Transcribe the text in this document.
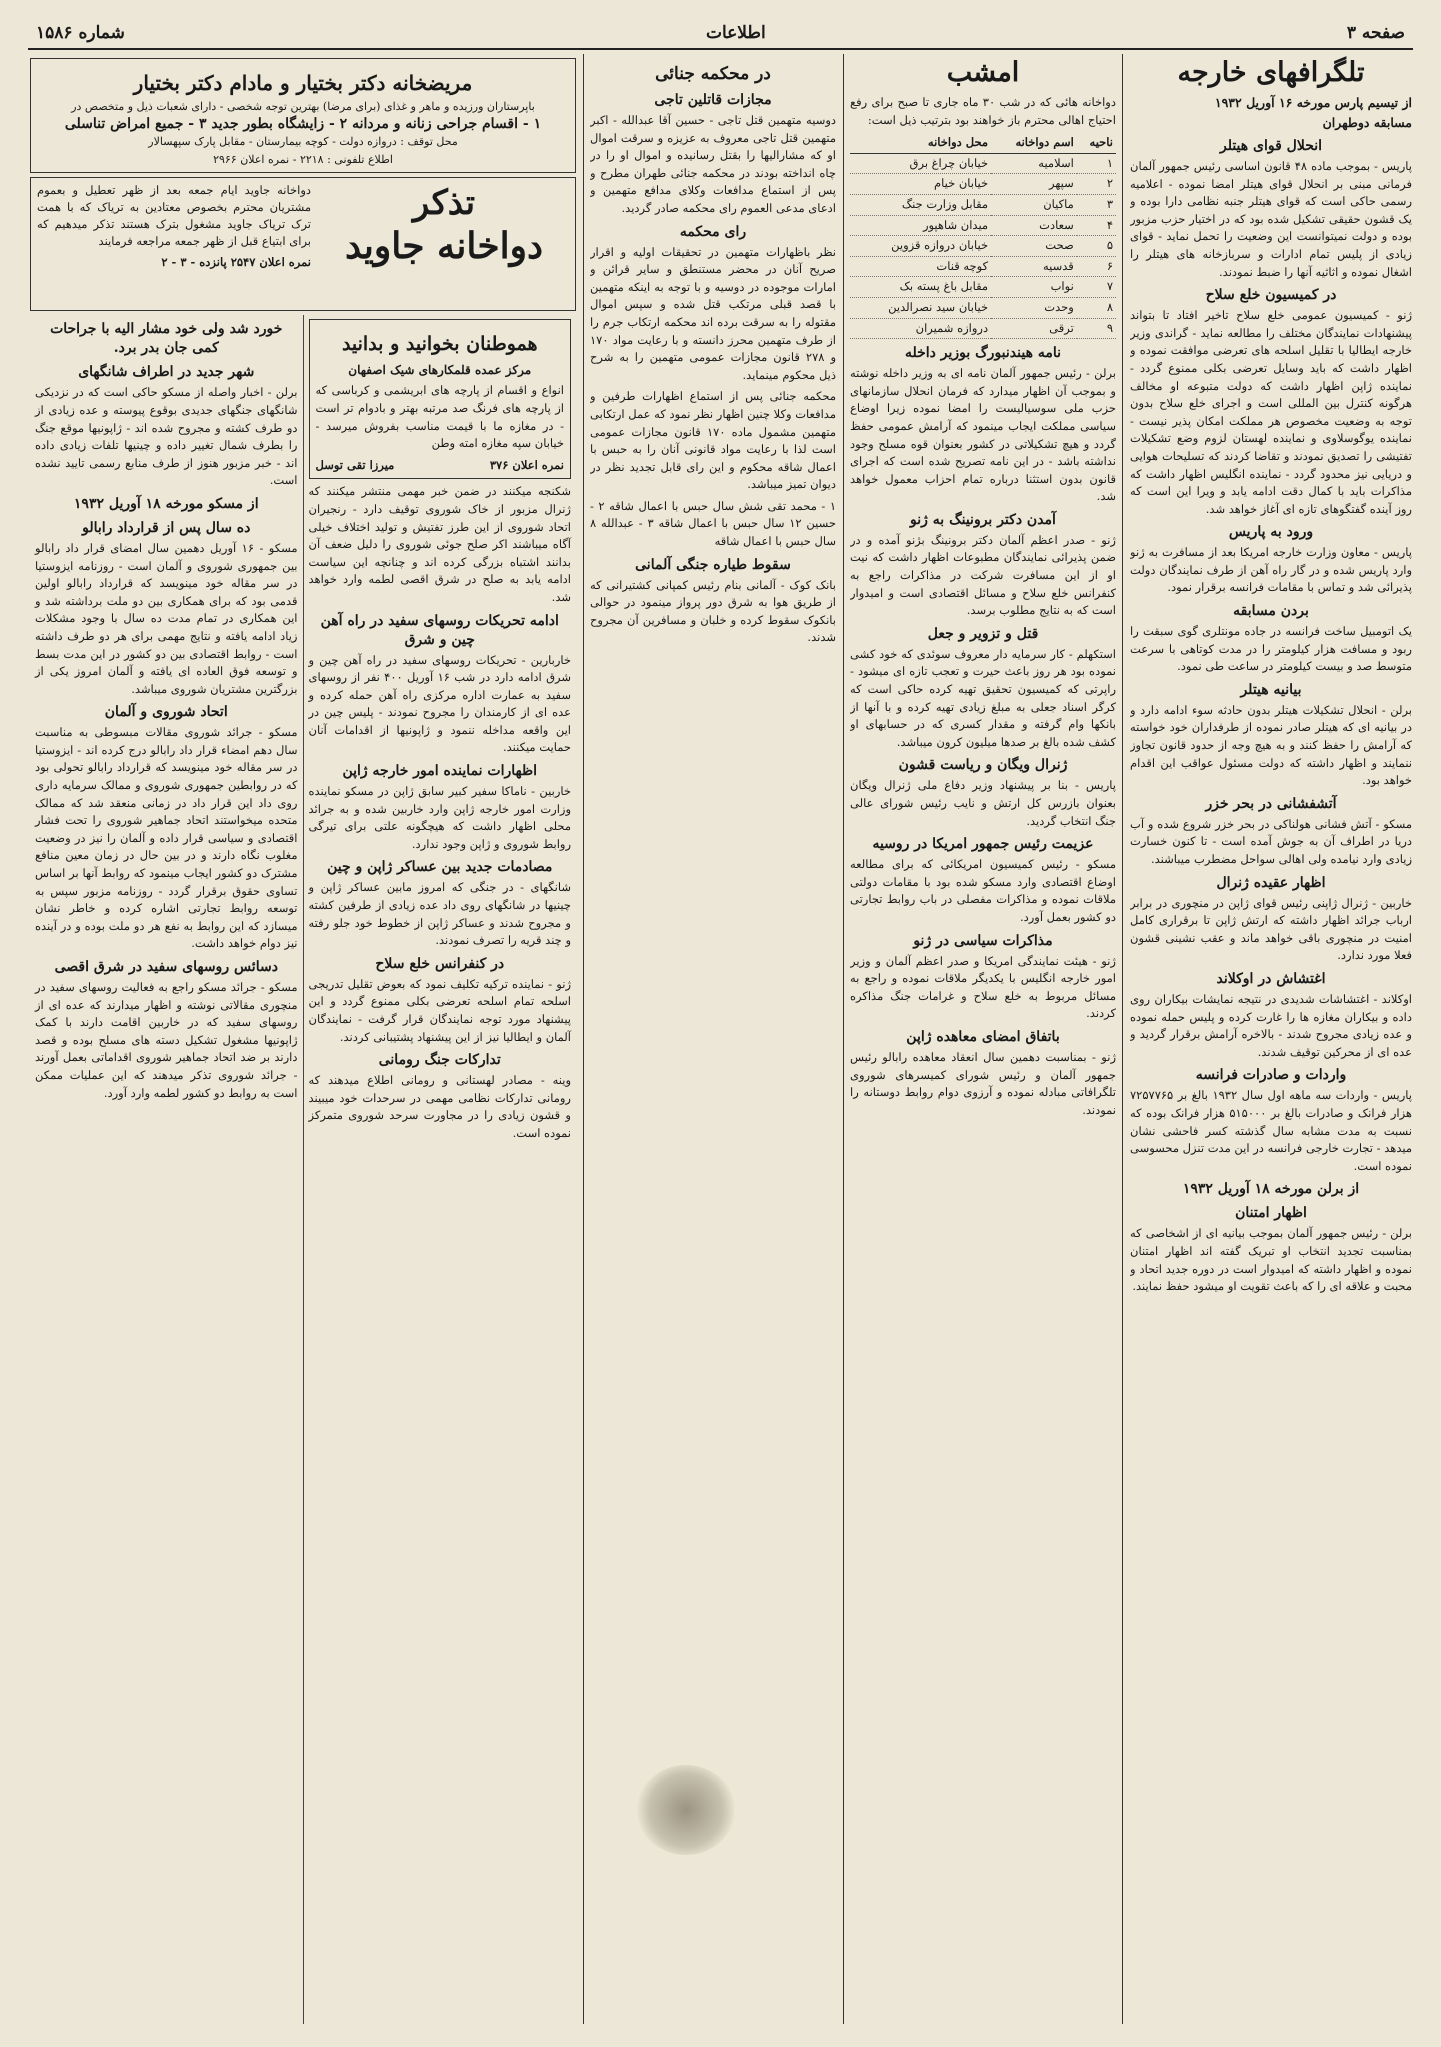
صفحه ۳
اطلاعات
شماره ۱۵۸۶
تلگرافهای خارجه
از تیسیم پارس مورخه ۱۶ آوریل ۱۹۳۲
مسابقه دوطهران
انحلال قوای هیتلر

پاریس - بموجب ماده ۴۸ قانون اساسی رئیس جمهور آلمان فرمانی مبنی بر انحلال قوای هیتلر امضا نموده - اعلامیه رسمی حاکی است که قوای هیتلر جنبه نظامی دارا بوده و یک قشون حقیقی تشکیل شده بود که در اختیار حزب مزبور بوده و دولت نمیتوانست این وضعیت را تحمل نماید - قوای زیادی از پلیس تمام ادارات و سربازخانه های هیتلر را اشغال نموده و اثاثیه آنها را ضبط نمودند.

در کمیسیون خلع سلاح

ژنو - کمیسیون عمومی خلع سلاح تاخیر افتاد تا بتواند پیشنهادات نمایندگان مختلف را مطالعه نماید - گراندی وزیر خارجه ایطالیا با تقلیل اسلحه های تعرضی موافقت نموده و اظهار داشت که باید وسایل تعرضی بکلی ممنوع گردد - نماینده ژاپن اظهار داشت که دولت متبوعه او مخالف هرگونه کنترل بین المللی است و اجرای خلع سلاح بدون توجه به وضعیت مخصوص هر مملکت امکان پذیر نیست - نماینده یوگوسلاوی و نماینده لهستان لزوم وضع تشکیلات تفتیشی را تصدیق نمودند و تقاضا کردند که تسلیحات هوایی و دریایی نیز محدود گردد - نماینده انگلیس اظهار داشت که مذاکرات باید با کمال دقت ادامه یابد و ویرا این است که روز آینده گفتگوهای تازه ای آغاز خواهد شد.

ورود به پاریس

پاریس - معاون وزارت خارجه امریکا بعد از مسافرت به ژنو وارد پاریس شده و در گار راه آهن از طرف نمایندگان دولت پذیرائی شد و تماس با مقامات فرانسه برقرار نمود.

بردن مسابقه

یک اتومبیل ساخت فرانسه در جاده مونتلری گوی سبقت را ربود و مسافت هزار کیلومتر را در مدت کوتاهی با سرعت متوسط صد و بیست کیلومتر در ساعت طی نمود.

بیانیه هیتلر

برلن - انحلال تشکیلات هیتلر بدون حادثه سوء ادامه دارد و در بیانیه ای که هیتلر صادر نموده از طرفداران خود خواسته که آرامش را حفظ کنند و به هیچ وجه از حدود قانون تجاوز ننمایند و اظهار داشته که دولت مسئول عواقب این اقدام خواهد بود.

آتشفشانی در بحر خزر

مسکو - آتش فشانی هولناکی در بحر خزر شروع شده و آب دریا در اطراف آن به جوش آمده است - تا کنون خسارت زیادی وارد نیامده ولی اهالی سواحل مضطرب میباشند.

اظهار عقیده ژنرال

خاربین - ژنرال ژاپنی رئیس قوای ژاپن در منچوری در برابر ارباب جرائد اظهار داشته که ارتش ژاپن تا برقراری کامل امنیت در منچوری باقی خواهد ماند و عقب نشینی قشون فعلا مورد ندارد.

اغتشاش در اوکلاند

اوکلاند - اغتشاشات شدیدی در نتیجه نمایشات بیکاران روی داده و بیکاران مغازه ها را غارت کرده و پلیس حمله نموده و عده زیادی مجروح شدند - بالاخره آرامش برقرار گردید و عده ای از محرکین توقیف شدند.

واردات و صادرات فرانسه

پاریس - واردات سه ماهه اول سال ۱۹۳۲ بالغ بر ۷۲۵۷۷۶۵ هزار فرانک و صادرات بالغ بر ۵۱۵۰۰۰ هزار فرانک بوده که نسبت به مدت مشابه سال گذشته کسر فاحشی نشان میدهد - تجارت خارجی فرانسه در این مدت تنزل محسوسی نموده است.

از برلن مورخه ۱۸ آوریل ۱۹۳۲
اظهار امتنان

برلن - رئیس جمهور آلمان بموجب بیانیه ای از اشخاصی که بمناسبت تجدید انتخاب او تبریک گفته اند اظهار امتنان نموده و اظهار داشته که امیدوار است در دوره جدید اتحاد و محبت و علاقه ای را که باعث تقویت او میشود حفظ نمایند.

امشب

دواخانه هائی که در شب ۳۰ ماه جاری تا صبح برای رفع احتیاج اهالی محترم باز خواهند بود بترتیب ذیل است:

ناحیه	اسم دواخانه	محل دواخانه
۱	اسلامیه	خیابان چراغ برق
۲	سپهر	خیابان خیام
۳	ماکیان	مقابل وزارت جنگ
۴	سعادت	میدان شاهپور
۵	صحت	خیابان دروازه قزوین
۶	قدسیه	کوچه قنات
۷	نواب	مقابل باغ پسته بک
۸	وحدت	خیابان سید نصرالدین
۹	ترقی	دروازه شمیران
نامه هیندنبورگ بوزیر داخله

برلن - رئیس جمهور آلمان نامه ای به وزیر داخله نوشته و بموجب آن اظهار میدارد که فرمان انحلال سازمانهای حزب ملی سوسیالیست را امضا نموده زیرا اوضاع سیاسی مملکت ایجاب مینمود که آرامش عمومی حفظ گردد و هیچ تشکیلاتی در کشور بعنوان قوه مسلح وجود نداشته باشد - در این نامه تصریح شده است که اجرای قانون بدون استثنا درباره تمام احزاب معمول خواهد شد.

آمدن دکتر برونینگ به ژنو

ژنو - صدر اعظم آلمان دکتر برونینگ بژنو آمده و در ضمن پذیرائی نمایندگان مطبوعات اظهار داشت که نیت او از این مسافرت شرکت در مذاکرات راجع به کنفرانس خلع سلاح و مسائل اقتصادی است و امیدوار است که به نتایج مطلوب برسد.

قتل و تزویر و جعل

استکهلم - کار سرمایه دار معروف سوئدی که خود کشی نموده بود هر روز باعث حیرت و تعجب تازه ای میشود - راپرتی که کمیسیون تحقیق تهیه کرده حاکی است که کرگر اسناد جعلی به مبلغ زیادی تهیه کرده و با آنها از بانکها وام گرفته و مقدار کسری که در حسابهای او کشف شده بالغ بر صدها میلیون کرون میباشد.

ژنرال ویگان و ریاست قشون

پاریس - بنا بر پیشنهاد وزیر دفاع ملی ژنرال ویگان بعنوان بازرس کل ارتش و نایب رئیس شورای عالی جنگ انتخاب گردید.

عزیمت رئیس جمهور امریکا در روسیه

مسکو - رئیس کمیسیون امریکائی که برای مطالعه اوضاع اقتصادی وارد مسکو شده بود با مقامات دولتی ملاقات نموده و مذاکرات مفصلی در باب روابط تجارتی دو کشور بعمل آورد.

مذاکرات سیاسی در ژنو

ژنو - هیئت نمایندگی امریکا و صدر اعظم آلمان و وزیر امور خارجه انگلیس با یکدیگر ملاقات نموده و راجع به مسائل مربوط به خلع سلاح و غرامات جنگ مذاکره کردند.

باتفاق امضای معاهده ژاپن

ژنو - بمناسبت دهمین سال انعقاد معاهده رابالو رئیس جمهور آلمان و رئیس شورای کمیسرهای شوروی تلگرافاتی مبادله نموده و آرزوی دوام روابط دوستانه را نمودند.

در محکمه جنائی
مجازات قاتلین تاجی

دوسیه متهمین قتل تاجی - حسین آقا عبدالله - اکبر متهمین قتل تاجی معروف به عزیزه و سرقت اموال او که مشارالیها را بقتل رسانیده و اموال او را در چاه انداخته بودند در محکمه جنائی طهران مطرح و پس از استماع مدافعات وکلای مدافع متهمین و ادعای مدعی العموم رای محکمه صادر گردید.

رای محکمه

نظر باظهارات متهمین در تحقیقات اولیه و اقرار صریح آنان در محضر مستنطق و سایر قرائن و امارات موجوده در دوسیه و با توجه به اینکه متهمین با قصد قبلی مرتکب قتل شده و سپس اموال مقتوله را به سرقت برده اند محکمه ارتکاب جرم را از طرف متهمین محرز دانسته و با رعایت مواد ۱۷۰ و ۲۷۸ قانون مجازات عمومی متهمین را به شرح ذیل محکوم مینماید.

محکمه جنائی پس از استماع اظهارات طرفین و مدافعات وکلا چنین اظهار نظر نمود که عمل ارتکابی متهمین مشمول ماده ۱۷۰ قانون مجازات عمومی است لذا با رعایت مواد قانونی آنان را به حبس با اعمال شاقه محکوم و این رای قابل تجدید نظر در دیوان تمیز میباشد.

۱ - محمد تقی شش سال حبس با اعمال شاقه ۲ - حسین ۱۲ سال حبس با اعمال شاقه ۳ - عبدالله ۸ سال حبس با اعمال شاقه

سقوط طیاره جنگی آلمانی

بانک کوک - آلمانی بنام رئیس کمپانی کشتیرانی که از طریق هوا به شرق دور پرواز مینمود در حوالی بانکوک سقوط کرده و خلبان و مسافرین آن مجروح شدند.

مریضخانه دکتر بختیار و مادام دکتر بختیار
باپرستاران ورزیده و ماهر و غذای (برای مرضا) بهترین توجه شخصی - دارای شعبات ذیل و متخصص در
۱ - اقسام جراحی زنانه و مردانه ۲ - زایشگاه بطور جدید ۳ - جمیع امراض تناسلی
محل توقف : دروازه دولت - کوچه بیمارستان - مقابل پارک سپهسالار
اطلاع تلفونی : ۲۲۱۸ - نمره اعلان ۲۹۶۶
تذکر
دواخانه جاوید

دواخانه جاوید ایام جمعه بعد از ظهر تعطیل و بعموم مشتریان محترم بخصوص معتادین به تریاک که با همت ترک تریاک جاوید مشغول بترک هستند تذکر میدهیم که برای ابتیاع قبل از ظهر جمعه مراجعه فرمایند

نمره اعلان ۲۵۴۷ پانزده - ۳ - ۲

هموطنان بخوانید و بدانید
مرکز عمده قلمکارهای شیک اصفهان

انواع و اقسام از پارچه های ابریشمی و کرباسی که از پارچه های فرنگ صد مرتبه بهتر و بادوام تر است - در مغازه ما با قیمت مناسب بفروش میرسد - خیابان سپه مغازه امته وطن

نمره اعلان ۳۷۶
میرزا تقی توسل

شکنجه میکنند در ضمن خبر مهمی منتشر میکنند که ژنرال مزبور از خاک شوروی توقیف دارد - رنجیران اتحاد شوروی از این طرز تفتیش و تولید اختلاف خیلی آگاه میباشند اکر صلح جوئی شوروی را دلیل ضعف آن بدانند اشتباه بزرگی کرده اند و چنانچه این سیاست ادامه یابد به صلح در شرق اقصی لطمه وارد خواهد شد.

ادامه تحریکات روسهای سفید در راه آهن چین و شرق

خاربارین - تحریکات روسهای سفید در راه آهن چین و شرق ادامه دارد در شب ۱۶ آوریل ۴۰۰ نفر از روسهای سفید به عمارت اداره مرکزی راه آهن حمله کرده و عده ای از کارمندان را مجروح نمودند - پلیس چین در این واقعه مداخله ننمود و ژاپونیها از اقدامات آنان حمایت میکنند.

اظهارات نماینده امور خارجه ژاپن

خاربین - ناماکا سفیر کبیر سابق ژاپن در مسکو نماینده وزارت امور خارجه ژاپن وارد خاربین شده و به جرائد محلی اظهار داشت که هیچگونه علتی برای تیرگی روابط شوروی و ژاپن وجود ندارد.

مصادمات جدید بین عساکر ژاپن و چین

شانگهای - در جنگی که امروز مابین عساکر ژاپن و چینیها در شانگهای روی داد عده زیادی از طرفین کشته و مجروح شدند و عساکر ژاپن از خطوط خود جلو رفته و چند قریه را تصرف نمودند.

در کنفرانس خلع سلاح

ژنو - نماینده ترکیه تکلیف نمود که بعوض تقلیل تدریجی اسلحه تمام اسلحه تعرضی بکلی ممنوع گردد و این پیشنهاد مورد توجه نمایندگان قرار گرفت - نمایندگان آلمان و ایطالیا نیز از این پیشنهاد پشتیبانی کردند.

تدارکات جنگ رومانی

وینه - مصادر لهستانی و رومانی اطلاع میدهند که رومانی تدارکات نظامی مهمی در سرحدات خود میبیند و قشون زیادی را در مجاورت سرحد شوروی متمرکز نموده است.

خورد شد ولی خود مشار الیه با جراحات کمی جان بدر برد.
شهر جدید در اطراف شانگهای

برلن - اخبار واصله از مسکو حاکی است که در نزدیکی شانگهای جنگهای جدیدی بوقوع پیوسته و عده زیادی از دو طرف کشته و مجروح شده اند - ژاپونیها موقع جنگ را بطرف شمال تغییر داده و چینیها تلفات زیادی داده اند - خبر مزبور هنوز از طرف منابع رسمی تایید نشده است.

از مسکو مورخه ۱۸ آوریل ۱۹۳۲
ده سال پس از قرارداد رابالو

مسکو - ۱۶ آوریل دهمین سال امضای قرار داد رابالو بین جمهوری شوروی و آلمان است - روزنامه ایزوستیا در سر مقاله خود مینویسد که قرارداد رابالو اولین قدمی بود که برای همکاری بین دو ملت برداشته شد و این همکاری در تمام مدت ده سال با وجود مشکلات زیاد ادامه یافته و نتایج مهمی برای هر دو طرف داشته است - روابط اقتصادی بین دو کشور در این مدت بسط و توسعه فوق العاده ای یافته و آلمان امروز یکی از بزرگترین مشتریان شوروی میباشد.

اتحاد شوروی و آلمان

مسکو - جرائد شوروی مقالات مبسوطی به مناسبت سال دهم امضاء قرار داد رابالو درج کرده اند - ایزوستیا در سر مقاله خود مینویسد که قرارداد رابالو تحولی بود که در روابطین جمهوری شوروی و ممالک سرمایه داری روی داد این قرار داد در زمانی منعقد شد که ممالک متحده میخواستند اتحاد جماهیر شوروی را تحت فشار اقتصادی و سیاسی قرار داده و آلمان را نیز در وضعیت مغلوب نگاه دارند و در بین حال در زمان معین منافع مشترک دو کشور ایجاب مینمود که روابط آنها بر اساس تساوی حقوق برقرار گردد - روزنامه مزبور سپس به توسعه روابط تجارتی اشاره کرده و خاطر نشان میسازد که این روابط به نفع هر دو ملت بوده و در آینده نیز دوام خواهد داشت.

دسائس روسهای سفید در شرق اقصی

مسکو - جرائد مسکو راجع به فعالیت روسهای سفید در منچوری مقالاتی نوشته و اظهار میدارند که عده ای از روسهای سفید که در خاربین اقامت دارند با کمک ژاپونیها مشغول تشکیل دسته های مسلح بوده و قصد دارند بر ضد اتحاد جماهیر شوروی اقداماتی بعمل آورند - جرائد شوروی تذکر میدهند که این عملیات ممکن است به روابط دو کشور لطمه وارد آورد.
